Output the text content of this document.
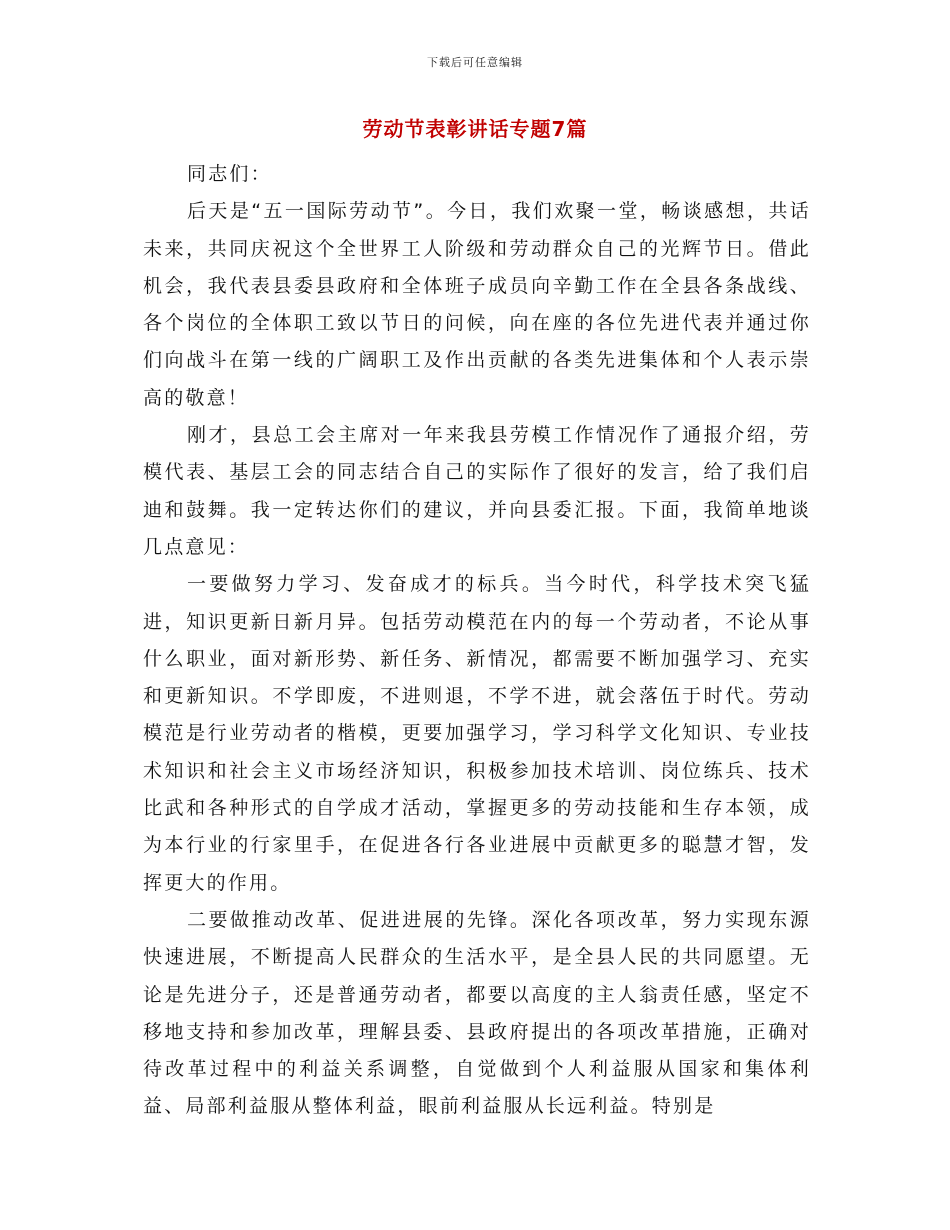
下载后可任意编辑
劳动节表彰讲话专题7篇

同志们：

后天是“五一国际劳动节”。今日，我们欢聚一堂，畅谈感想，共话未来，共同庆祝这个全世界工人阶级和劳动群众自己的光辉节日。借此机会，我代表县委县政府和全体班子成员向辛勤工作在全县各条战线、各个岗位的全体职工致以节日的问候，向在座的各位先进代表并通过你们向战斗在第一线的广阔职工及作出贡献的各类先进集体和个人表示崇高的敬意！

刚才，县总工会主席对一年来我县劳模工作情况作了通报介绍，劳模代表、基层工会的同志结合自己的实际作了很好的发言，给了我们启迪和鼓舞。我一定转达你们的建议，并向县委汇报。下面，我简单地谈几点意见：

一要做努力学习、发奋成才的标兵。当今时代，科学技术突飞猛进，知识更新日新月异。包括劳动模范在内的每一个劳动者，不论从事什么职业，面对新形势、新任务、新情况，都需要不断加强学习、充实和更新知识。不学即废，不进则退，不学不进，就会落伍于时代。劳动模范是行业劳动者的楷模，更要加强学习，学习科学文化知识、专业技术知识和社会主义市场经济知识，积极参加技术培训、岗位练兵、技术比武和各种形式的自学成才活动，掌握更多的劳动技能和生存本领，成为本行业的行家里手，在促进各行各业进展中贡献更多的聪慧才智，发挥更大的作用。

二要做推动改革、促进进展的先锋。深化各项改革，努力实现东源快速进展，不断提高人民群众的生活水平，是全县人民的共同愿望。无论是先进分子，还是普通劳动者，都要以高度的主人翁责任感，坚定不移地支持和参加改革，理解县委、县政府提出的各项改革措施，正确对待改革过程中的利益关系调整，自觉做到个人利益服从国家和集体利益、局部利益服从整体利益，眼前利益服从长远利益。特别是
